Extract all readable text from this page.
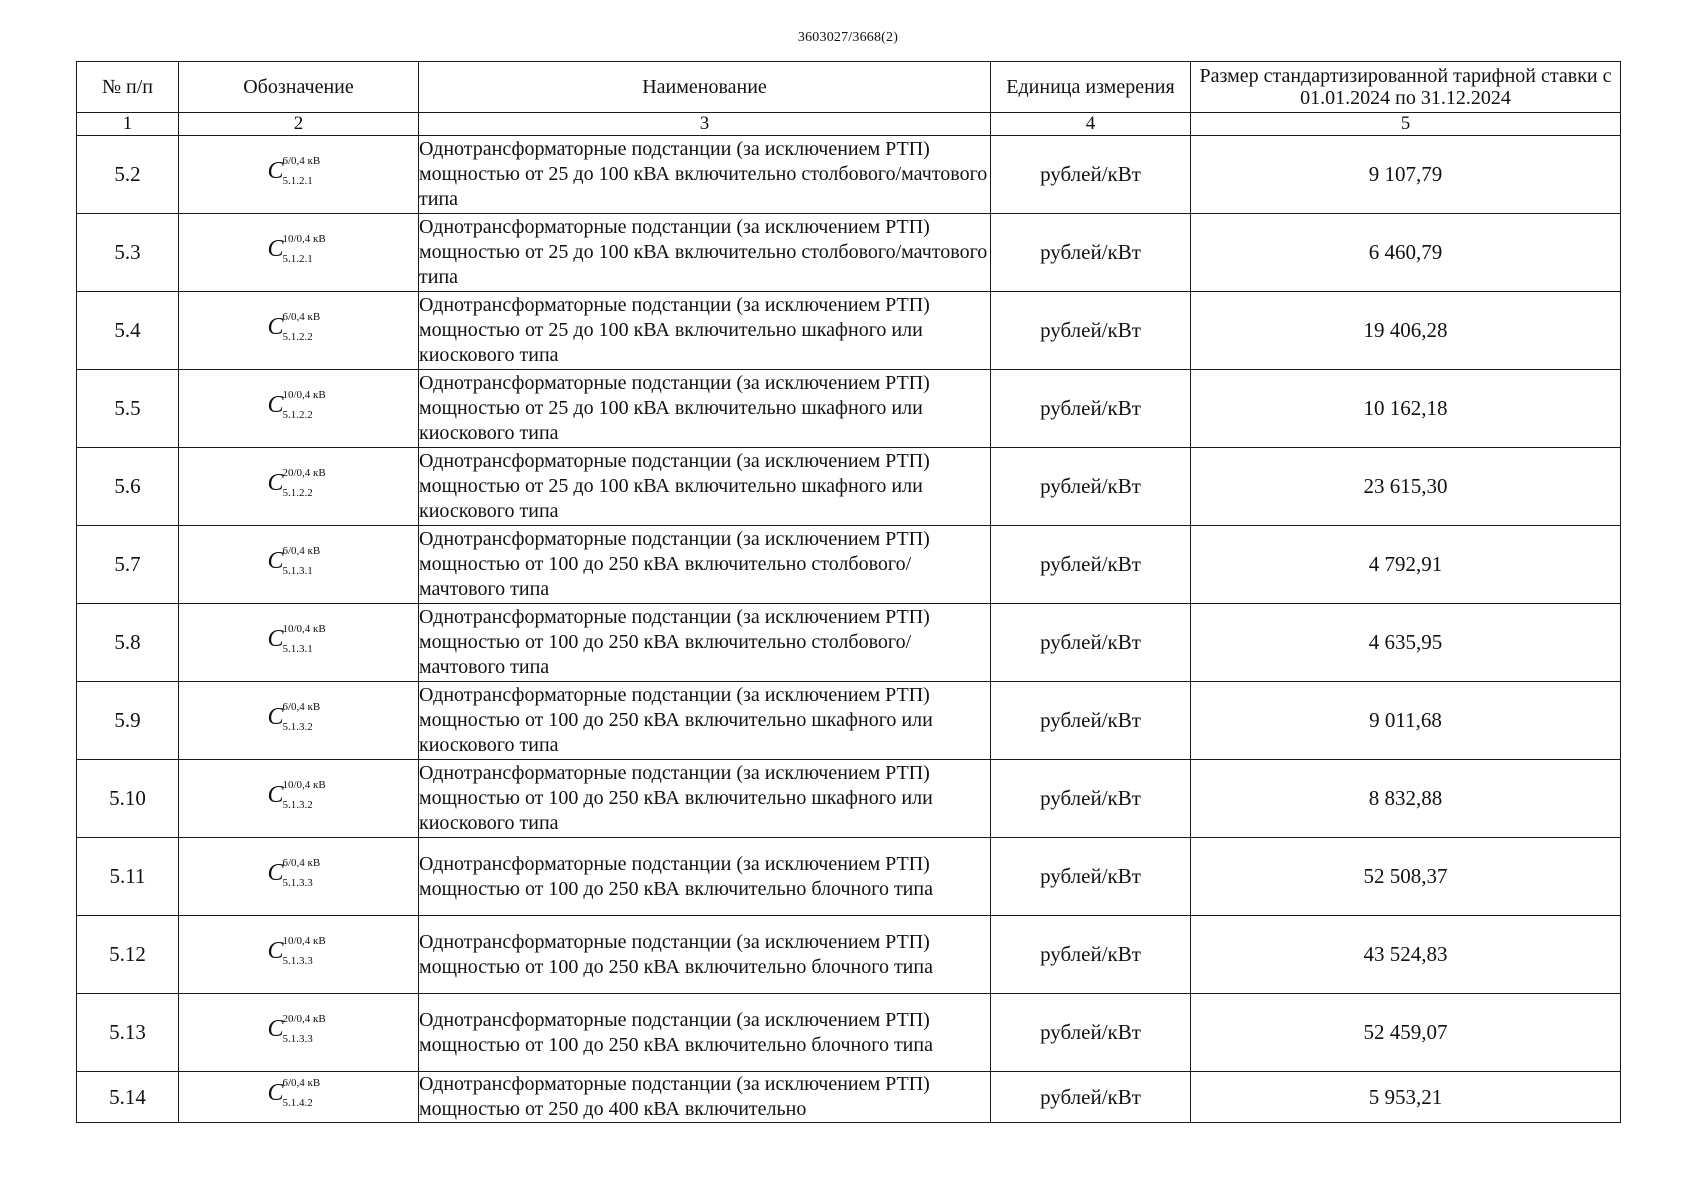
3603027/3668(2)
№ п/п	Обозначение	Наименование	Единица измерения	Размер стандартизированной тарифной ставки с 01.01.2024 по 31.12.2024
1	2	3	4	5
5.2	C
6/0,4 кВ
5.1.2.1	Однотрансформаторные подстанции (за исключением РТП) мощностью от 25 до 100 кВА включительно столбового/мачтового типа	рублей/кВт	9 107,79
5.3	C
10/0,4 кВ
5.1.2.1	Однотрансформаторные подстанции (за исключением РТП) мощностью от 25 до 100 кВА включительно столбового/мачтового типа	рублей/кВт	6 460,79
5.4	C
6/0,4 кВ
5.1.2.2	Однотрансформаторные подстанции (за исключением РТП) мощностью от 25 до 100 кВА включительно шкафного или киоскового типа	рублей/кВт	19 406,28
5.5	C
10/0,4 кВ
5.1.2.2	Однотрансформаторные подстанции (за исключением РТП) мощностью от 25 до 100 кВА включительно шкафного или киоскового типа	рублей/кВт	10 162,18
5.6	C
20/0,4 кВ
5.1.2.2	Однотрансформаторные подстанции (за исключением РТП) мощностью от 25 до 100 кВА включительно шкафного или киоскового типа	рублей/кВт	23 615,30
5.7	C
6/0,4 кВ
5.1.3.1	Однотрансформаторные подстанции (за исключением РТП) мощностью от 100 до 250 кВА включительно столбового/мачтового типа	рублей/кВт	4 792,91
5.8	C
10/0,4 кВ
5.1.3.1	Однотрансформаторные подстанции (за исключением РТП) мощностью от 100 до 250 кВА включительно столбового/мачтового типа	рублей/кВт	4 635,95
5.9	C
6/0,4 кВ
5.1.3.2	Однотрансформаторные подстанции (за исключением РТП) мощностью от 100 до 250 кВА включительно шкафного или киоскового типа	рублей/кВт	9 011,68
5.10	C
10/0,4 кВ
5.1.3.2	Однотрансформаторные подстанции (за исключением РТП) мощностью от 100 до 250 кВА включительно шкафного или киоскового типа	рублей/кВт	8 832,88
5.11	C
6/0,4 кВ
5.1.3.3	Однотрансформаторные подстанции (за исключением РТП) мощностью от 100 до 250 кВА включительно блочного типа	рублей/кВт	52 508,37
5.12	C
10/0,4 кВ
5.1.3.3	Однотрансформаторные подстанции (за исключением РТП) мощностью от 100 до 250 кВА включительно блочного типа	рублей/кВт	43 524,83
5.13	C
20/0,4 кВ
5.1.3.3	Однотрансформаторные подстанции (за исключением РТП) мощностью от 100 до 250 кВА включительно блочного типа	рублей/кВт	52 459,07
5.14	C
6/0,4 кВ
5.1.4.2	Однотрансформаторные подстанции (за исключением РТП) мощностью от 250 до 400 кВА включительно	рублей/кВт	5 953,21
